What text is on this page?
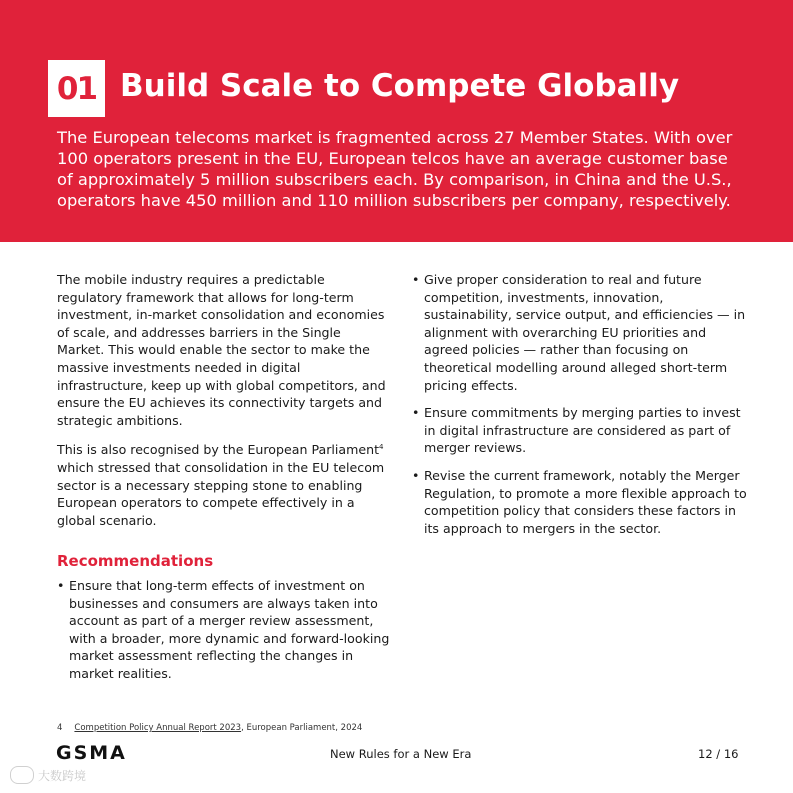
01 Build Scale to Compete Globally
The European telecoms market is fragmented across 27 Member States. With over 100 operators present in the EU, European telcos have an average customer base of approximately 5 million subscribers each. By comparison, in China and the U.S., operators have 450 million and 110 million subscribers per company, respectively.

The mobile industry requires a predictable regulatory framework that allows for long-term investment, in-market consolidation and economies of scale, and addresses barriers in the Single Market. This would enable the sector to make the massive investments needed in digital infrastructure, keep up with global competitors, and ensure the EU achieves its connectivity targets and strategic ambitions.

This is also recognised by the European Parliament$^4$ which stressed that consolidation in the EU telecom sector is a necessary stepping stone to enabling European operators to compete effectively in a global scenario.

Recommendations
• Ensure that long-term effects of investment on businesses and consumers are always taken into account as part of a merger review assessment, with a broader, more dynamic and forward-looking market assessment reflecting the changes in market realities.
• Give proper consideration to real and future competition, investments, innovation, sustainability, service output, and efficiencies — in alignment with overarching EU priorities and agreed policies — rather than focusing on theoretical modelling around alleged short-term pricing effects.
• Ensure commitments by merging parties to invest in digital infrastructure are considered as part of merger reviews.
• Revise the current framework, notably the Merger Regulation, to promote a more flexible approach to competition policy that considers these factors in its approach to mergers in the sector.
4 Competition Policy Annual Report 2023, European Parliament, 2024
GSMA	New Rules for a New Era	12 / 16
大数跨境
